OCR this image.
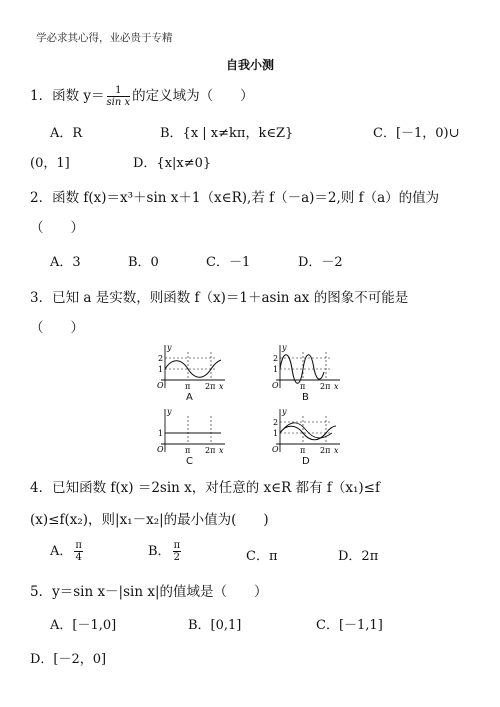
学必求其心得，业必贵于专精
自我小测
1．函数 $y= \frac{1}{\text{sin x}}$ 的定义域为（　　）
A．R	B．{x | x≠kπ，k∈Z}	C．[－1，0)∪
(0，1]	D．{x|x≠0}
2．函数 f(x)＝x³＋sin x＋1（x∈R),若 f（－a)＝2,则 f（a）的值为
（　　）
A．3	B．0	C．－1	D．－2
3．已知 a 是实数，则函数 f（x)＝1＋asin ax 的图象不可能是
（　　）
y
2
1
O	π 2π x
A
y
2
1
O	π 2π x
B
y
1
O	π 2π x
C
y
2
1
O	π 2π x
D
4．已知函数 f(x) ＝2sin x，对任意的 x∈R 都有 f（x₁)≤f
(x)≤f(x₂)，则|x₁－x₂|的最小值为(　　)
A． $\frac{\pi}{4}$	B． $\frac{\pi}{2}$	C．π	D．2π
5．y＝sin x－|sin x|的值域是（　　）
A．[－1,0]	B．[0,1]	C．[－1,1]
D．[－2，0]
